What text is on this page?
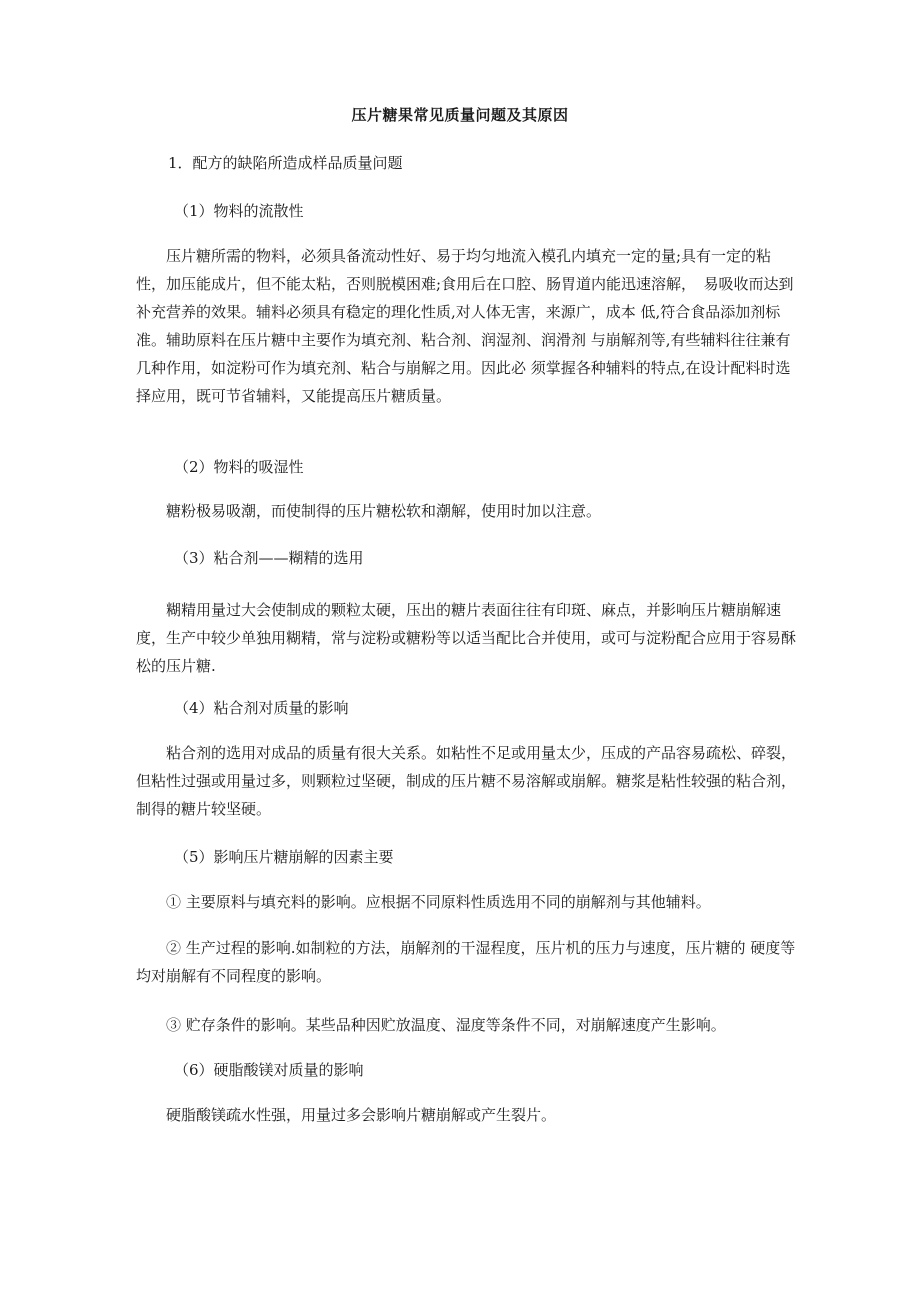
压片糖果常见质量问题及其原因
1．配方的缺陷所造成样品质量问题
（1）物料的流散性
压片糖所需的物料，必须具备流动性好、易于均匀地流入模孔内填充一定的量;具有一定的粘性，加压能成片，但不能太粘，否则脱模困难;食用后在口腔、肠胃道内能迅速溶解，　易吸收而达到补充营养的效果。辅料必须具有稳定的理化性质,对人体无害，来源广，成本 低,符合食品添加剂标准。辅助原料在压片糖中主要作为填充剂、粘合剂、润湿剂、润滑剂 与崩解剂等,有些辅料往往兼有几种作用，如淀粉可作为填充剂、粘合与崩解之用。因此必 须掌握各种辅料的特点,在设计配料时选择应用，既可节省辅料，又能提高压片糖质量。
（2）物料的吸湿性
糖粉极易吸潮，而使制得的压片糖松软和潮解，使用时加以注意。
（3）粘合剂——糊精的选用
糊精用量过大会使制成的颗粒太硬，压出的糖片表面往往有印斑、麻点，并影响压片糖崩解速度，生产中较少单独用糊精，常与淀粉或糖粉等以适当配比合并使用，或可与淀粉配合应用于容易酥松的压片糖.
（4）粘合剂对质量的影响
粘合剂的选用对成品的质量有很大关系。如粘性不足或用量太少，压成的产品容易疏松、碎裂，但粘性过强或用量过多，则颗粒过坚硬，制成的压片糖不易溶解或崩解。糖浆是粘性较强的粘合剂，制得的糖片较坚硬。
（5）影响压片糖崩解的因素主要
① 主要原料与填充料的影响。应根据不同原料性质选用不同的崩解剂与其他辅料。
② 生产过程的影响.如制粒的方法，崩解剂的干湿程度，压片机的压力与速度，压片糖的 硬度等均对崩解有不同程度的影响。
③ 贮存条件的影响。某些品种因贮放温度、湿度等条件不同，对崩解速度产生影响。
（6）硬脂酸镁对质量的影响
硬脂酸镁疏水性强，用量过多会影响片糖崩解或产生裂片。
